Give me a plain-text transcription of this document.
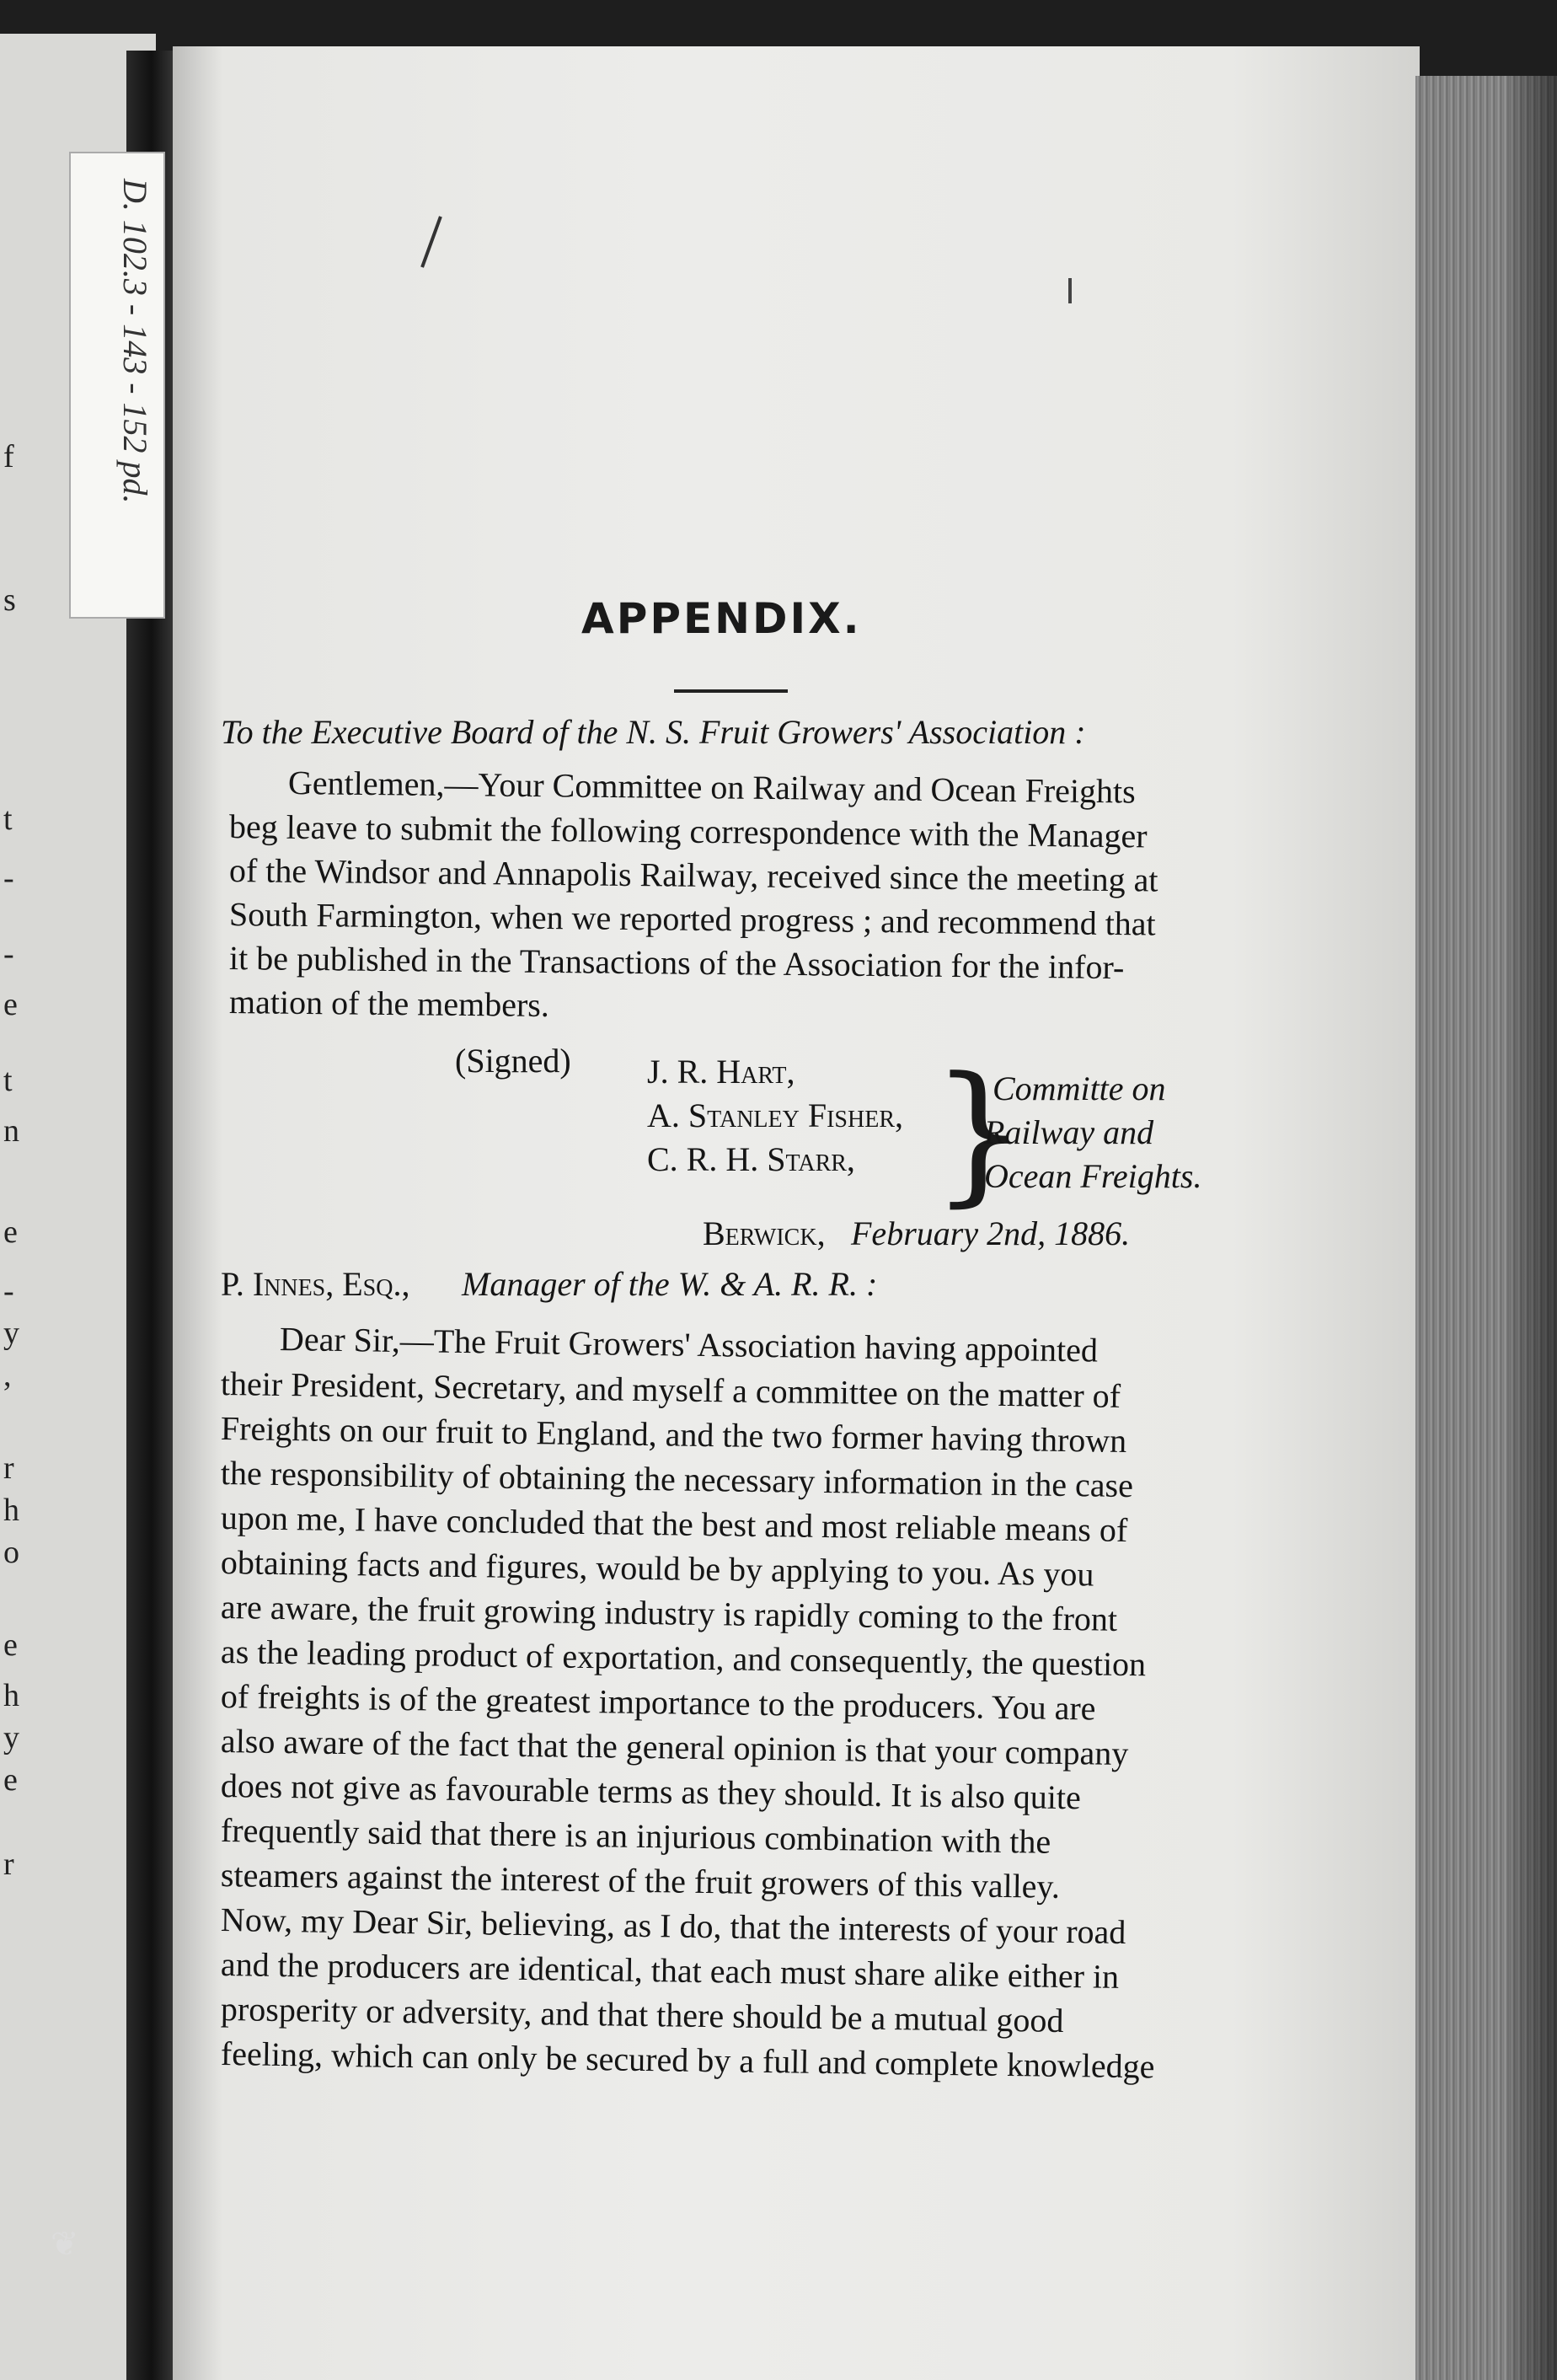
f
s
t
-
-
e
t
n
e
-
y
,
r
h
o
e
h
y
e
r
D. 102.3 - 143 - 152 pd.
APPENDIX.
To the Executive Board of the N. S. Fruit Growers' Association :
Gentlemen,—Your Committee on Railway and Ocean Freights
beg leave to submit the following correspondence with the Manager
of the Windsor and Annapolis Railway, received since the meeting at
South Farmington, when we reported progress ; and recommend that
it be published in the Transactions of the Association for the infor-
mation of the members.
(Signed) J. R. Hart,
A. Stanley Fisher,
C. R. H. Starr, }
Committe on
Railway and
Ocean Freights.
Berwick, February 2nd, 1886.
P. Innes, Esq., Manager of the W. & A. R. R. :
Dear Sir,—The Fruit Growers' Association having appointed
their President, Secretary, and myself a committee on the matter of
Freights on our fruit to England, and the two former having thrown
the responsibility of obtaining the necessary information in the case
upon me, I have concluded that the best and most reliable means of
obtaining facts and figures, would be by applying to you. As you
are aware, the fruit growing industry is rapidly coming to the front
as the leading product of exportation, and consequently, the question
of freights is of the greatest importance to the producers. You are
also aware of the fact that the general opinion is that your company
does not give as favourable terms as they should. It is also quite
frequently said that there is an injurious combination with the
steamers against the interest of the fruit growers of this valley.
Now, my Dear Sir, believing, as I do, that the interests of your road
and the producers are identical, that each must share alike either in
prosperity or adversity, and that there should be a mutual good
feeling, which can only be secured by a full and complete knowledge
❦
